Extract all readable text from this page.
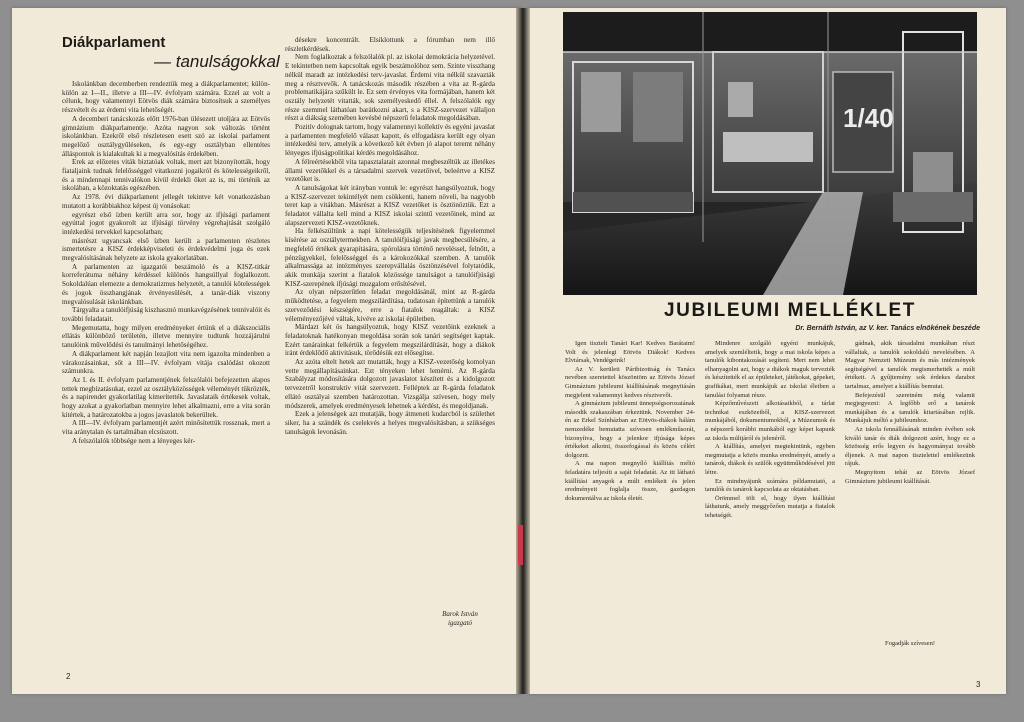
Diákparlament
— tanulságokkal

Iskolánkban decemberben rendeztük meg a diákparlamentet; külön-külön az I—II., illetve a III—IV. évfolyam számára. Ezzel az volt a célunk, hogy valamennyi Eötvös diák számára biztosítsuk a személyes részvételt és az érdemi vita lehetőségét.

A decemberi tanácskozás előtt 1976-ban ülésezett utoljára az Eötvös gimnázium diákparlamentje. Azóta nagyon sok változás történt iskolánkban. Ezekről első részletesen esett szó az iskolai parlament megelőző osztálygyűléseken, és egy-egy osztályban ellentétes álláspontok is kialakultak ki a megvalósítás érdekében.

Erek az előzetes viták biztatóak voltak, mert azt bizonyították, hogy fiataljaink tudnak felelősséggel vitatkozni jogaikról és kötelességeikről, és a mindennapi tennivalókon kívül érdekli őket az is, mi történik az iskolában, a közoktatás egészében.

Az 1978. évi diákparlament jellegét tekintve két vonatkozásban mutatott a korábbiakhoz képest új vonásokat:

egyrészt első ízben került arra sor, hogy az ifjúsági parlament egyúttal jogot gyakorolt az ifjúsági törvény végrehajtását szolgáló intézkedési tervekkel kapcsolatban;

másrészt ugyancsak első ízben került a parlamenten részletes ismertetésre a KISZ érdekképviseleti és érdekvédelmi joga és ezek megvalósításának helyzete az iskola gyakorlatában.

A parlamenten az igazgatói beszámoló és a KISZ-titkár korreferátuma néhány kérdéssel különös hangsúllyal foglalkozott. Sokoldalúan elemezte a demokratizmus helyzetét, a tanulói kötelességek és jogok összhangjának érvényesülését, a tanár-diák viszony megvalósulását iskolánkban.

Tárgyalta a tanulóifjúság kiszhasznó munkavégzésének tennivalóit és további feladatait.

Megemutatta, hogy milyen eredményeket értünk el a diákszociális ellátás különböző területén, illetve mennyire tudtunk hozzájárulni tanulóink művelődési és tanulmányi lehetőségéhez.

A diákparlament két napján lezajlott vita nem igazolta mindenben a várakozásainkat, sőt a III—IV. évfolyam vitája csalódást okozott számunkra.

Az I. és II. évfolyam parlamentjének felszólalói befejezetten alapos tettek megbízatásukat, ezzel az osztályközösségek véleményét tükrözték, és a napirendet gyakorlatilag kimerítették. Javaslataik értékesek voltak, hogy azokat a gyakorlatban mennyire lehet alkalmazni, erre a vita során kitértek, a határozatokba a jogos javaslatok bekerültek.

A III—IV. évfolyam parlamentjét azért minősítettük rossznak, mert a vita aránytalan és tartalmában elcsúszott.

A felszólalók többsége nem a lényeges kér-

désekre koncentrált. Elsiklottunk a fórumban nem illő részletkérdések.

Nem foglalkoztak a felszólalók pl. az iskolai demokrácia helyzetével. E tekintetben nem kapcsoltak egyik beszámolóhoz sem. Szinte visszhang nélkül maradt az intézkedési terv-javaslat. Érdemi vita nélkül szavazták meg a résztvevők. A tanácskozás második részében a vita az R-gárda problematikájára szűkült le. Ez sem érvényes vita formájában, hanem két osztály helyzetét vitatták, sok személyeskedő éllel. A felszólalók egy része szemmel láthatóan barátkozni akart, s a KISZ-szervezet vállaljon részt a diákság szemében kevésbé népszerű feladatok megoldásában.

Pozitív dolognak tartom, hogy valamennyi kollektív és egyéni javaslat a parlamenten megfelelő választ kapott, és elfogadásra került egy olyan intézkedési terv, amelyik a következő két évben jó alapot teremt néhány lényeges ifjúságpolitikai kérdés megoldásához.

A félreértésekből vita tapasztalatait azonnal megbeszéltük az illetékes állami vezetőkkel és a társadalmi szervek vezetőivel, beleértve a KISZ vezetőket is.

A tanulságokat két irányban vontuk le: egyrészt hangsúlyoztuk, hogy a KISZ-szervezet tekintélyét nem csökkenti, hanem növeli, ha nagyobb teret kap a vitákban. Másrészt a KISZ vezetőket is ösztönöztük. Ezt a feladatot vállalta kell mind a KISZ iskolai szintű vezetőinek, mind az alapszervezeti KISZ-vezetőknek.

Ha felkészültünk a napi kötelességük teljesítésének figyelemmel kísérése az osztálytermekben. A tanulóifjúsági javak megbecsülésére, a megfelelő értékek gyarapítására, spórolásra történő neveléssel, felnőtt, a pénzügyekkel, felelősséggel és a károkozókkal szemben. A tanulók alkalmassága az intézményes szerepvállalás ösztönzésével folytatódik, akik munkája szerint a fiatalok közössége tanulságot a tanulóifjúsági KISZ-szerepének ifjúsági mozgalom erősítésével.

Az olyan népszerűtlen feladat megoldásánál, mint az R-gárda működtetése, a fegyelem megszilárdítása, tudatosan építettünk a tanulók szerveződési készségére, erre a fiatalok reagáltak: a KISZ véleményezőjévé váltak, kivéve az iskolai épületben.

Márdazt két ös hangsúlyoztuk, hogy KISZ vezetőink ezeknek a feladatoknak hatékonyan megoldása során sok tanári segítséget kaptak. Ezért tanárainkat felkértük a fegyelem megszilárdítását, hogy a diákok iránt érdeklődő aktivitásuk, törődésük ezt elősegítse.

Az azóta eltelt hetek azt mutatták, hogy a KISZ-vezetőség komolyan vette megállapításainkat. Ezt tényeken lehet lemérni. Az R-gárda Szabályzat módosítására dolgozott javaslatot készített és a kidolgozott tervezetről konstruktív vitát szervezett. Felléptek az R-gárda feladatok ellátó osztályai szemben határozottan. Vizsgálja szívesen, hogy mely módszerek, amelyek eredményesek lehetnek a kérdést, és megoldjanak.

Ezek a jelenségek azt mutatják, hogy átmeneti kudarcból is születhet siker, ha a szándék és cselekvés a helyes megvalósításban, a szükséges tanulságok levonásán.

Barok István
igazgató
2
1/40
JUBILEUMI MELLÉKLET
Dr. Bernáth István, az V. ker. Tanács elnökének beszéde

Igen tisztelt Tanári Kar! Kedves Barátaim! Volt és jelenlegi Eötvös Diákok! Kedves Elvtársak, Vendégeink!

Az V. kerületi Pártbizottság és Tanács nevében szeretettel köszöntöm az Eötvös József Gimnázium jubileumi kiállításának megnyitásán megjelent valamennyi kedves résztvevőt.

A gimnázium jubileumi ünnepségsorozatának második szakaszában érkeztünk. November 24-én az Erkel Színházban az Eötvös-diákok hálám nemzedéke bemutatta szívesen emlékműsorát, bizonyítva, hogy a jelenkor ifjúsága képes értékeket alkotni, összefogással és közös célért dolgozni.

A ma napon megnyíló kiállítás méltó feladatára teljesíti a saját feladatát. Az itt látható kiállítási anyagok a múlt emlékeit és jelen eredményeit foglalja össze, gazdagon dokumentálva az iskola életét.

Mindenre szolgáló egyéni munkájuk, amelyek szemléltetik, hogy a mai iskola képes a tanulók kibontakozását segíteni. Mert nem lehet elhanyagolni azt, hogy a diákok maguk tervezték és készítették el az épületeket, játékokat, gépeket, grafikákat, mert munkájuk az iskolai életben a tanulási folyamat része.

Képzőművészeti alkotásaikból, a tárlat technikai eszközeiből, a KISZ-szervezet munkájából, dokumentumokból, a Múzeumok és a népszerű korábbi munkából egy képet kapunk az iskola múltjáról és jelenéről.

A kiállítás, amelyet megtekintünk, egyben megmutatja a közös munka eredményét, amely a tanárok, diákok és szülők együttműködésével jött létre.

Ez mindnyájunk számára példamutató, a tanulók és tanárok kapcsolata az oktatásban.

Örömmel tölt el, hogy ilyen kiállítást láthatunk, amely meggyőzően mutatja a fiatalok tehetségét.

gádnak, akik társadalmi munkában részt vállaltak, a tanulók sokoldalú nevelésében. A Magyar Nemzeti Múzeum és más intézmények segítségével a tanulók megismerhették a múlt értékeit. A gyűjtemény sok érdekes darabot tartalmaz, amelyet a kiállítás bemutat.

Befejezésül szeretném még valamit megjegyezni: A legfőbb erő a tanárok munkájában és a tanulók kitartásában rejlik. Munkájuk méltó a jubileumhoz.

Az iskola fennállásának minden évében sok kiváló tanár és diák dolgozott azért, hogy ez a közösség erős legyen és hagyományai tovább éljenek. A mai napon tisztelettel emlékezünk rájuk.

Megnyitom tehát az Eötvös József Gimnázium jubileumi kiállítását.

Fogadják szívesen!
3
